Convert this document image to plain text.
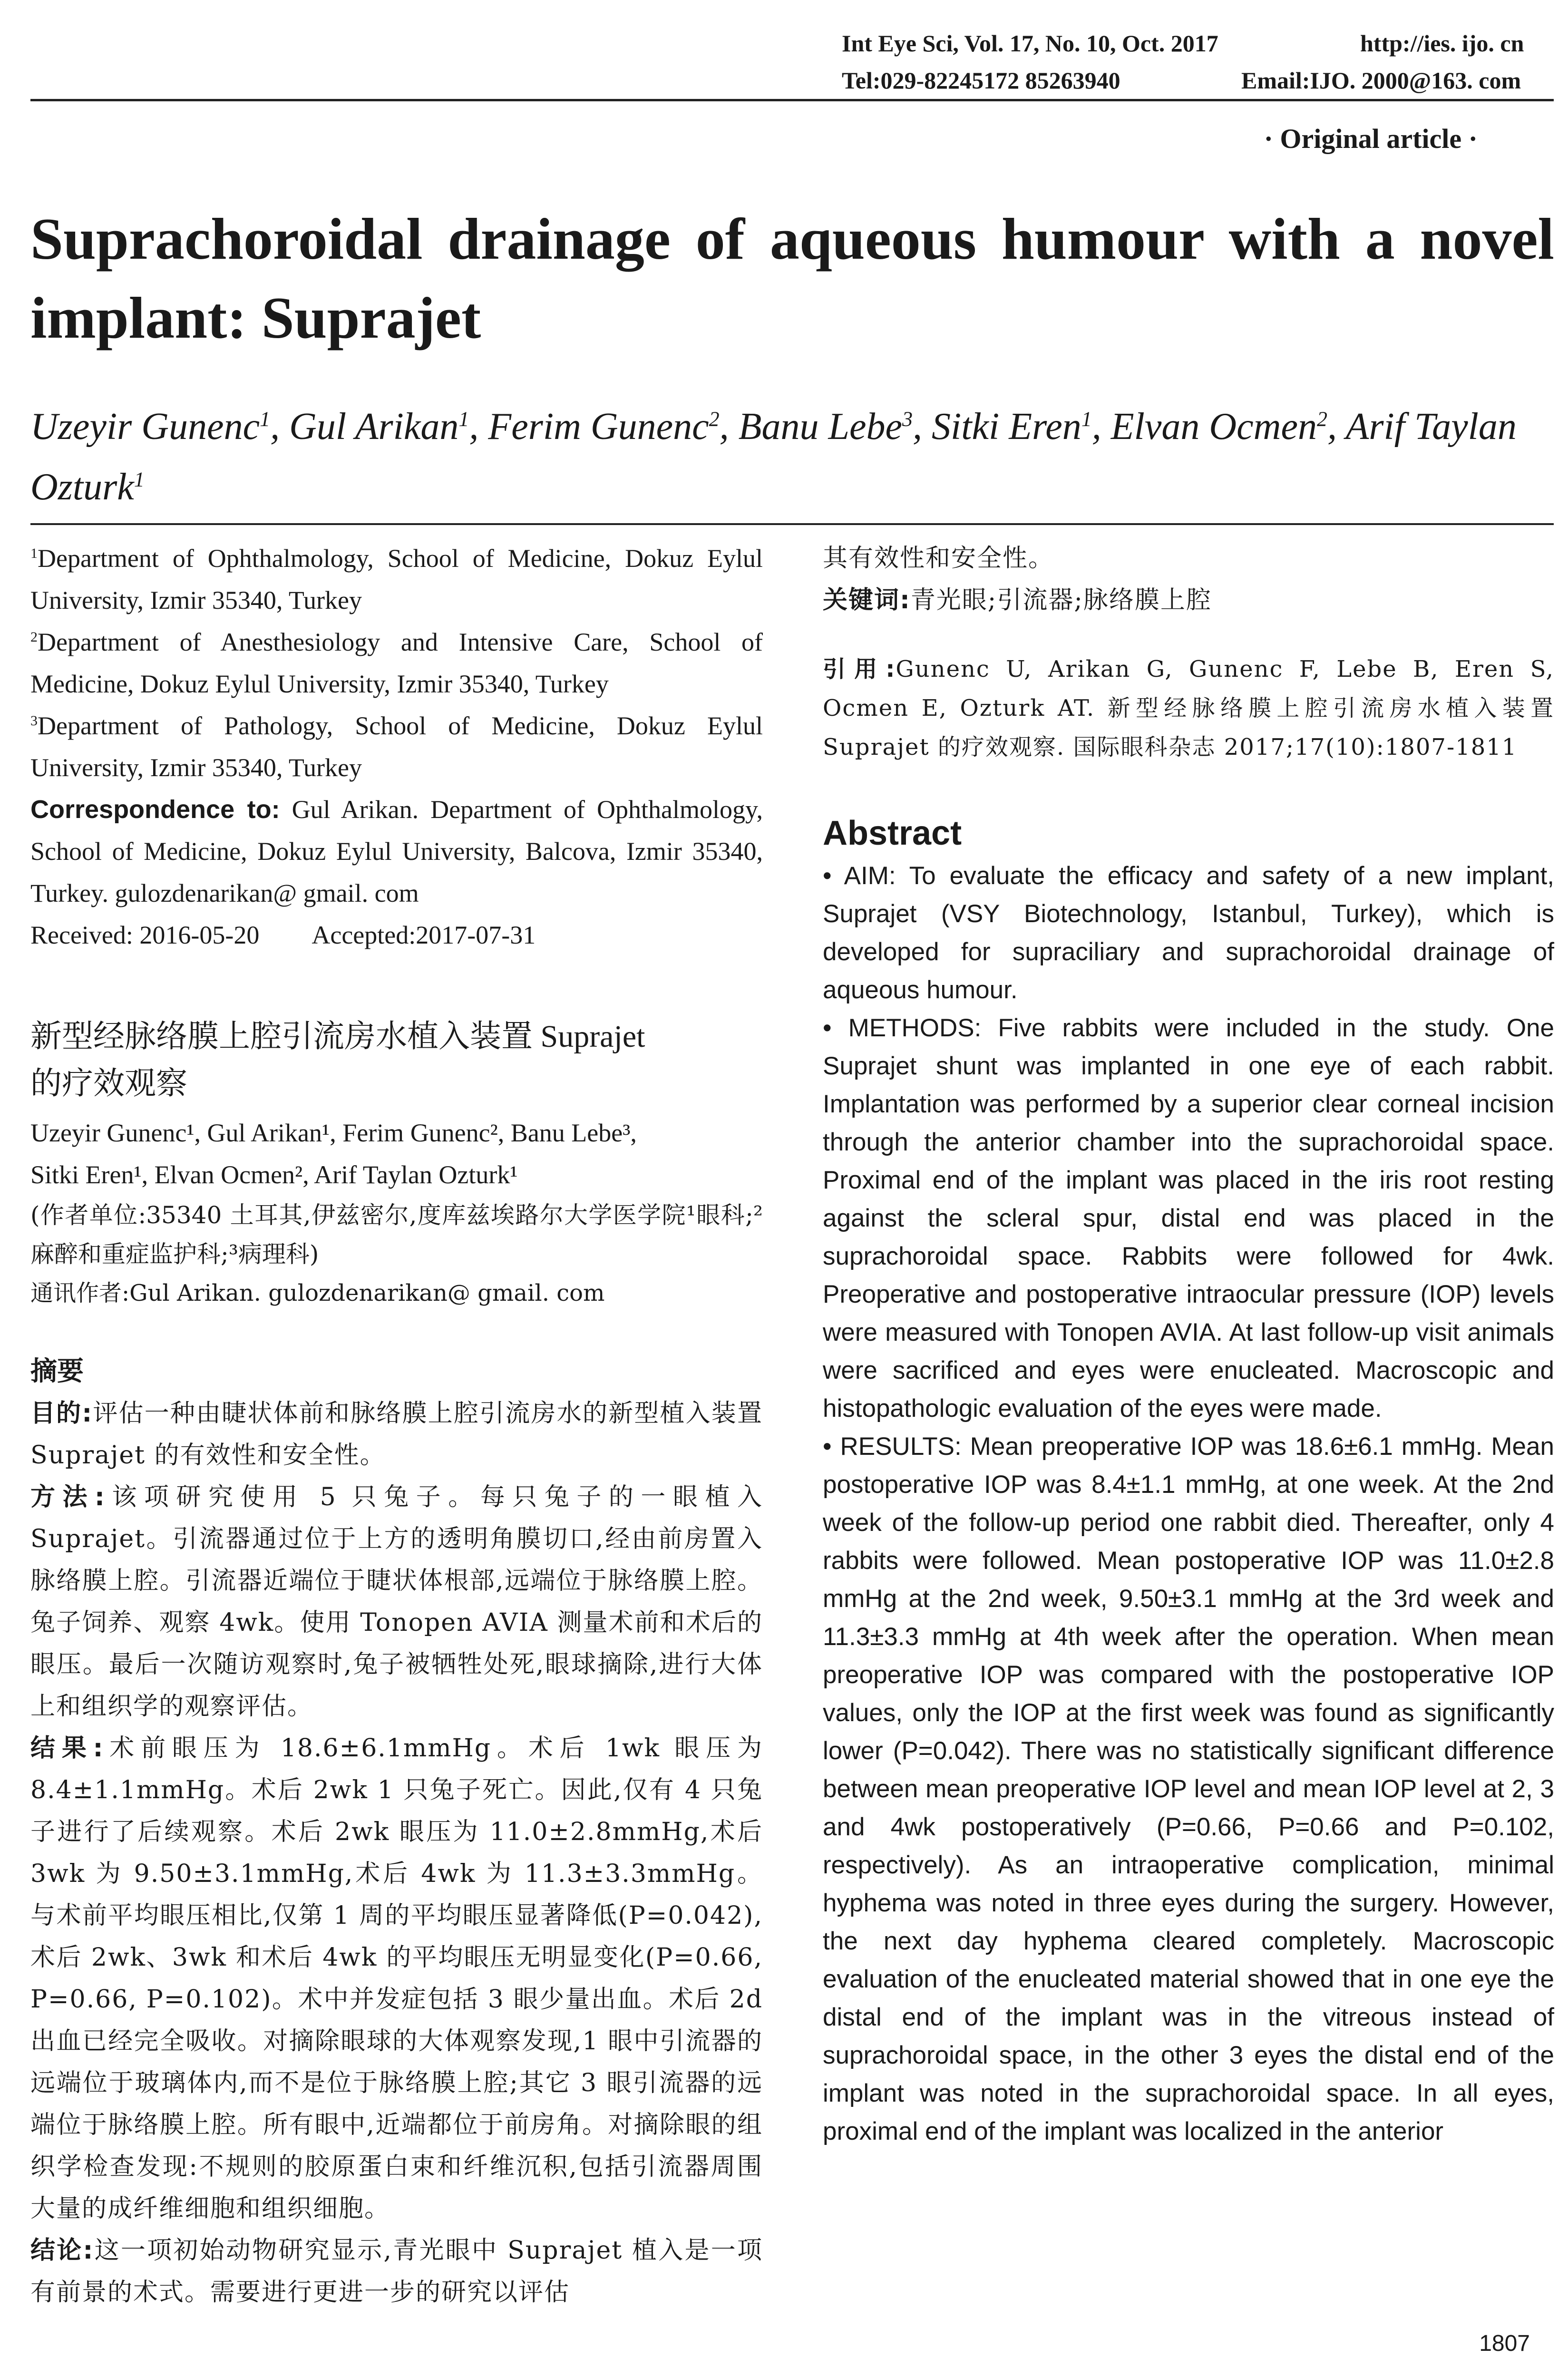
Int Eye Sci, Vol. 17, No. 10, Oct. 2017	http://ies. ijo. cn
Tel:029-82245172 85263940	Email:IJO. 2000@163. com
· Original article ·
Suprachoroidal drainage of aqueous humour with a novel implant: Suprajet
Uzeyir Gunenc$^1$, Gul Arikan$^1$, Ferim Gunenc$^2$, Banu Lebe$^3$, Sitki Eren$^1$, Elvan Ocmen$^2$, Arif Taylan Ozturk$^1$

$^1$Department of Ophthalmology, School of Medicine, Dokuz Eylul University, Izmir 35340, Turkey

$^2$Department of Anesthesiology and Intensive Care, School of Medicine, Dokuz Eylul University, Izmir 35340, Turkey

$^3$Department of Pathology, School of Medicine, Dokuz Eylul University, Izmir 35340, Turkey

Correspondence to: Gul Arikan. Department of Ophthalmology, School of Medicine, Dokuz Eylul University, Balcova, Izmir 35340, Turkey. gulozdenarikan@ gmail. com

Received: 2016-05-20 Accepted:2017-07-31

新型经脉络膜上腔引流房水植入装置 Suprajet
的疗效观察
Uzeyir Gunenc¹, Gul Arikan¹, Ferim Gunenc², Banu Lebe³,
Sitki Eren¹, Elvan Ocmen², Arif Taylan Ozturk¹
(作者单位:35340 土耳其,伊兹密尔,度库兹埃路尔大学医学院¹眼科;²麻醉和重症监护科;³病理科)
通讯作者:Gul Arikan. gulozdenarikan@ gmail. com
摘要

目的:评估一种由睫状体前和脉络膜上腔引流房水的新型植入装置 Suprajet 的有效性和安全性。

方法:该项研究使用 5 只兔子。每只兔子的一眼植入 Suprajet。引流器通过位于上方的透明角膜切口,经由前房置入脉络膜上腔。引流器近端位于睫状体根部,远端位于脉络膜上腔。兔子饲养、观察 4wk。使用 Tonopen AVIA 测量术前和术后的眼压。最后一次随访观察时,兔子被牺牲处死,眼球摘除,进行大体上和组织学的观察评估。

结果:术前眼压为 18.6±6.1mmHg。术后 1wk 眼压为 8.4±1.1mmHg。术后 2wk 1 只兔子死亡。因此,仅有 4 只兔子进行了后续观察。术后 2wk 眼压为 11.0±2.8mmHg,术后 3wk 为 9.50±3.1mmHg,术后 4wk 为 11.3±3.3mmHg。与术前平均眼压相比,仅第 1 周的平均眼压显著降低(P=0.042),术后 2wk、3wk 和术后 4wk 的平均眼压无明显变化(P=0.66, P=0.66, P=0.102)。术中并发症包括 3 眼少量出血。术后 2d 出血已经完全吸收。对摘除眼球的大体观察发现,1 眼中引流器的远端位于玻璃体内,而不是位于脉络膜上腔;其它 3 眼引流器的远端位于脉络膜上腔。所有眼中,近端都位于前房角。对摘除眼的组织学检查发现:不规则的胶原蛋白束和纤维沉积,包括引流器周围大量的成纤维细胞和组织细胞。

结论:这一项初始动物研究显示,青光眼中 Suprajet 植入是一项有前景的术式。需要进行更进一步的研究以评估

其有效性和安全性。

关键词:青光眼;引流器;脉络膜上腔

引用:Gunenc U, Arikan G, Gunenc F, Lebe B, Eren S, Ocmen E, Ozturk AT. 新型经脉络膜上腔引流房水植入装置 Suprajet 的疗效观察. 国际眼科杂志 2017;17(10):1807-1811

Abstract

• AIM: To evaluate the efficacy and safety of a new implant, Suprajet (VSY Biotechnology, Istanbul, Turkey), which is developed for supraciliary and suprachoroidal drainage of aqueous humour.

• METHODS: Five rabbits were included in the study. One Suprajet shunt was implanted in one eye of each rabbit. Implantation was performed by a superior clear corneal incision through the anterior chamber into the suprachoroidal space. Proximal end of the implant was placed in the iris root resting against the scleral spur, distal end was placed in the suprachoroidal space. Rabbits were followed for 4wk. Preoperative and postoperative intraocular pressure (IOP) levels were measured with Tonopen AVIA. At last follow-up visit animals were sacrificed and eyes were enucleated. Macroscopic and histopathologic evaluation of the eyes were made.

• RESULTS: Mean preoperative IOP was 18.6±6.1 mmHg. Mean postoperative IOP was 8.4±1.1 mmHg, at one week. At the 2nd week of the follow-up period one rabbit died. Thereafter, only 4 rabbits were followed. Mean postoperative IOP was 11.0±2.8 mmHg at the 2nd week, 9.50±3.1 mmHg at the 3rd week and 11.3±3.3 mmHg at 4th week after the operation. When mean preoperative IOP was compared with the postoperative IOP values, only the IOP at the first week was found as significantly lower (P=0.042). There was no statistically significant difference between mean preoperative IOP level and mean IOP level at 2, 3 and 4wk postoperatively (P=0.66, P=0.66 and P=0.102, respectively). As an intraoperative complication, minimal hyphema was noted in three eyes during the surgery. However, the next day hyphema cleared completely. Macroscopic evaluation of the enucleated material showed that in one eye the distal end of the implant was in the vitreous instead of suprachoroidal space, in the other 3 eyes the distal end of the implant was noted in the suprachoroidal space. In all eyes, proximal end of the implant was localized in the anterior

1807
